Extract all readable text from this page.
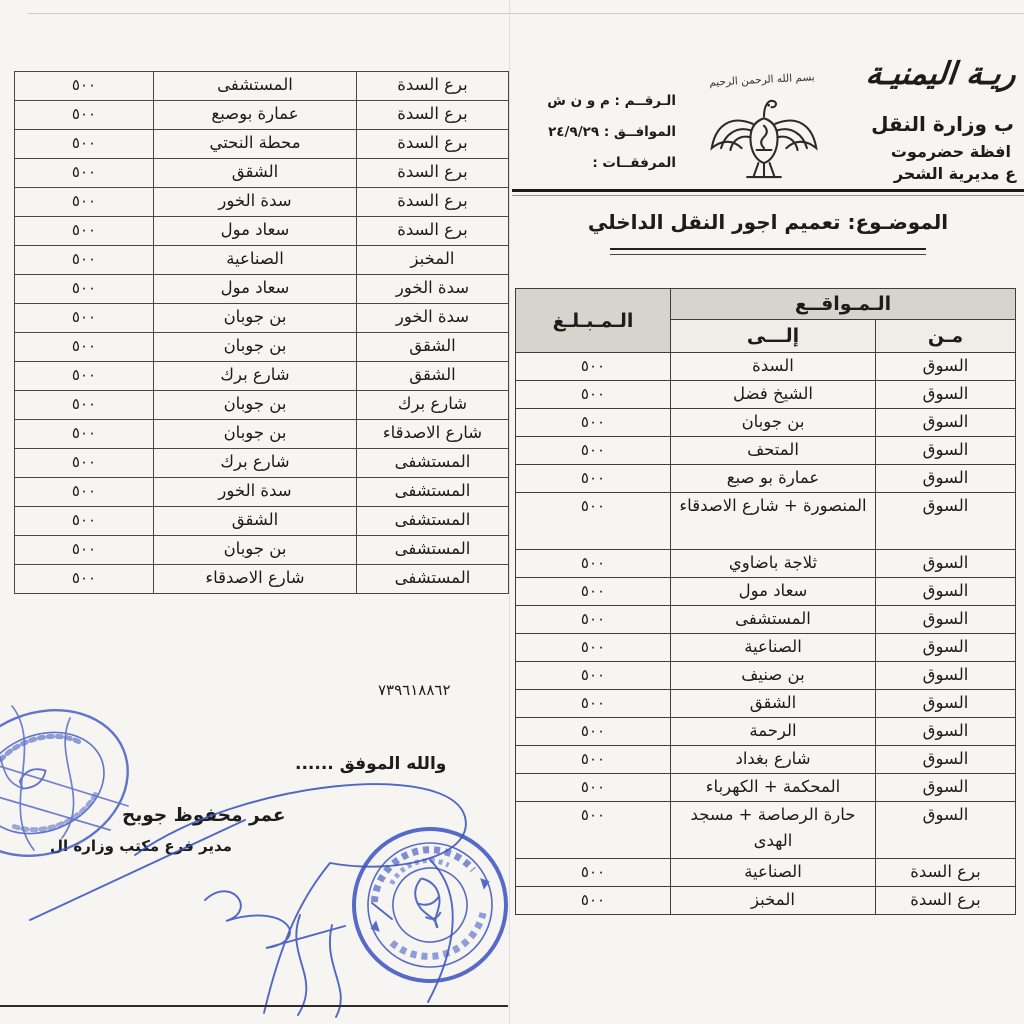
ريـة اليمنيـة
ب وزارة النقل
افظة حضرموت
ع مديرية الشحر
بسم الله الرحمن الرحيم
الـرقــم : م و ن ش
الموافــق : ٢٤/٩/٢٩
المرفقــات :
الموضـوع: تعميم اجور النقل الداخلي
الـمـواقــع		الـمـبـلـغ
مـن	إلـــى	
السوق	السدة	٥٠٠
السوق	الشيخ فضل	٥٠٠
السوق	بن جوبان	٥٠٠
السوق	المتحف	٥٠٠
السوق	عمارة بو صبع	٥٠٠
السوق	المنصورة + شارع الاصدقاء	٥٠٠
السوق	ثلاجة باضاوي	٥٠٠
السوق	سعاد مول	٥٠٠
السوق	المستشفى	٥٠٠
السوق	الصناعية	٥٠٠
السوق	بن صنيف	٥٠٠
السوق	الشقق	٥٠٠
السوق	الرحمة	٥٠٠
السوق	شارع بغداد	٥٠٠
السوق	المحكمة + الكهرباء	٥٠٠
السوق	حارة الرصاصة + مسجد الهدى	٥٠٠
برع السدة	الصناعية	٥٠٠
برع السدة	المخبز	٥٠٠
برع السدة	المستشفى	٥٠٠
برع السدة	عمارة بوصبع	٥٠٠
برع السدة	محطة النحتي	٥٠٠
برع السدة	الشقق	٥٠٠
برع السدة	سدة الخور	٥٠٠
برع السدة	سعاد مول	٥٠٠
المخبز	الصناعية	٥٠٠
سدة الخور	سعاد مول	٥٠٠
سدة الخور	بن جوبان	٥٠٠
الشقق	بن جوبان	٥٠٠
الشقق	شارع برك	٥٠٠
شارع برك	بن جوبان	٥٠٠
شارع الاصدقاء	بن جوبان	٥٠٠
المستشفى	شارع برك	٥٠٠
المستشفى	سدة الخور	٥٠٠
المستشفى	الشقق	٥٠٠
المستشفى	بن جوبان	٥٠٠
المستشفى	شارع الاصدقاء	٥٠٠
٧٣٩٦١٨٨٦٢
والله الموفق ......
عمر محفوظ جوبح
مدير فرع مكتب وزارة ال
